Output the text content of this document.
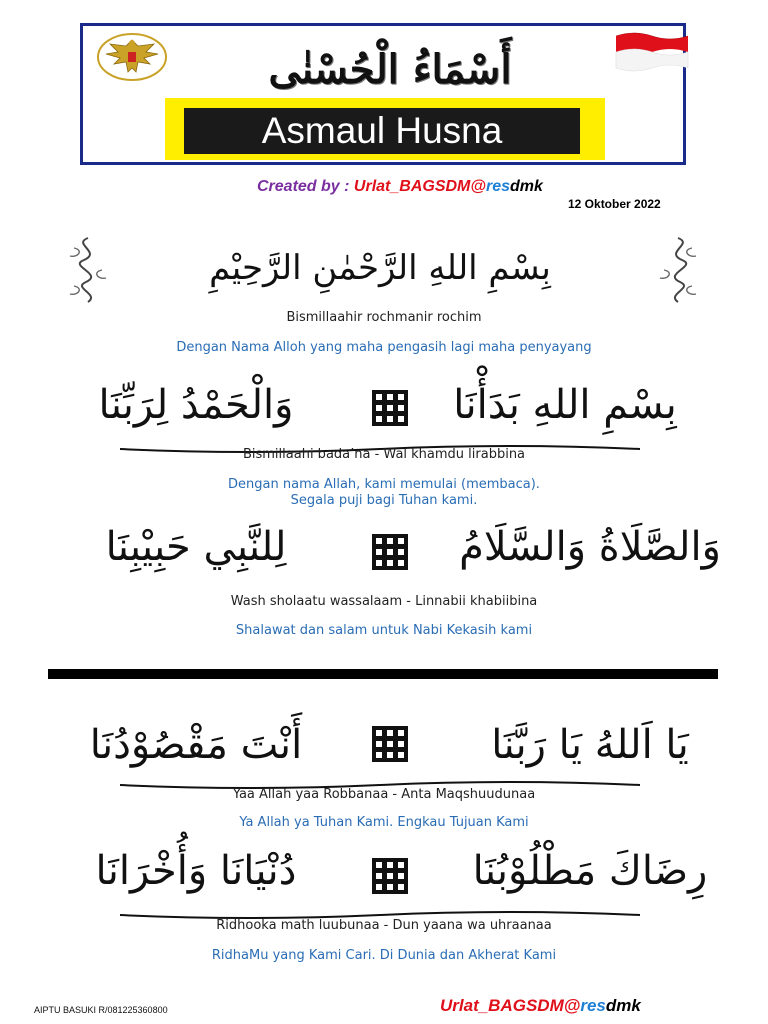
أَسْمَاءُ الْحُسْنٰى
Asmaul Husna
Created by : Urlat_BAGSDM@resdmk
12 Oktober 2022
بِسْمِ اللهِ الرَّحْمٰنِ الرَّحِيْمِ
Bismillaahir rochmanir rochim
Dengan Nama Alloh yang maha pengasih lagi maha penyayang
بِسْمِ اللهِ بَدَأْنَا
وَالْحَمْدُ لِرَبِّنَا
Bismillaahi bada’na - Wal khamdu lirabbina
Dengan nama Allah, kami memulai (membaca).
Segala puji bagi Tuhan kami.
وَالصَّلَاةُ وَالسَّلَامُ
لِلنَّبِي حَبِيْبِنَا
Wash sholaatu wassalaam - Linnabii khabiibina
Shalawat dan salam untuk Nabi Kekasih kami
يَا اَللهُ يَا رَبَّنَا
أَنْتَ مَقْصُوْدُنَا
Yaa Allah yaa Robbanaa - Anta Maqshuudunaa
Ya Allah ya Tuhan Kami. Engkau Tujuan Kami
رِضَاكَ مَطْلُوْبُنَا
دُنْيَانَا وَأُخْرَانَا
Ridhooka math luubunaa - Dun yaana wa uhraanaa
RidhaMu yang Kami Cari. Di Dunia dan Akherat Kami
AIPTU BASUKI R/081225360800	Urlat_BAGSDM@resdmk
